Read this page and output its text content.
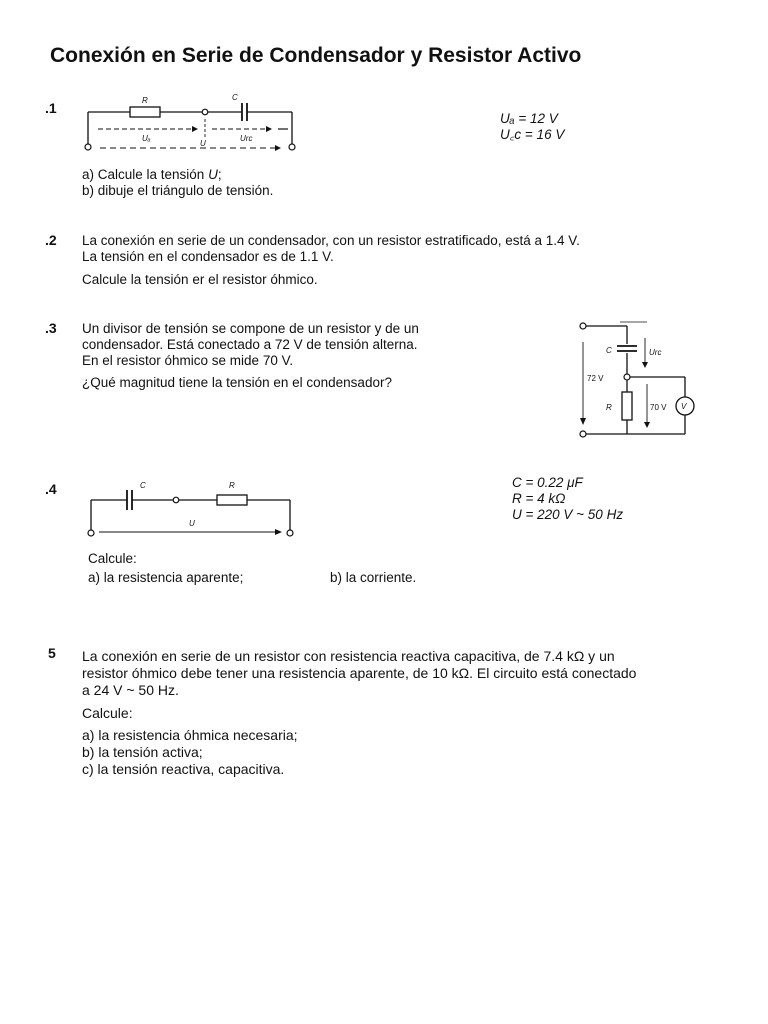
Conexión en Serie de Condensador y Resistor Activo
.1	R	C
Uₐ
U
Urc
Uₐ = 12 V
U꜀c = 16 V

a) Calcule la tensión U;

b) dibuje el triángulo de tensión.

.2 La conexión en serie de un condensador, con un resistor estratificado, está a 1.4 V.

La tensión en el condensador es de 1.1 V.

Calcule la tensión er el resistor óhmico.

.3 Un divisor de tensión se compone de un resistor y de un

condensador. Está conectado a 72 V de tensión alterna.

En el resistor óhmico se mide 70 V.

¿Qué magnitud tiene la tensión en el condensador?

C	Urc
72 V
R	70 V V
.4	C	R
U
C = 0.22 μF
R = 4 kΩ
U = 220 V ~ 50 Hz

Calcule:

a) la resistencia aparente;	b) la corriente.

5 La conexión en serie de un resistor con resistencia reactiva capacitiva, de 7.4 kΩ y un

resistor óhmico debe tener una resistencia aparente, de 10 kΩ. El circuito está conectado

a 24 V ~ 50 Hz.

Calcule:

a) la resistencia óhmica necesaria;

b) la tensión activa;

c) la tensión reactiva, capacitiva.
